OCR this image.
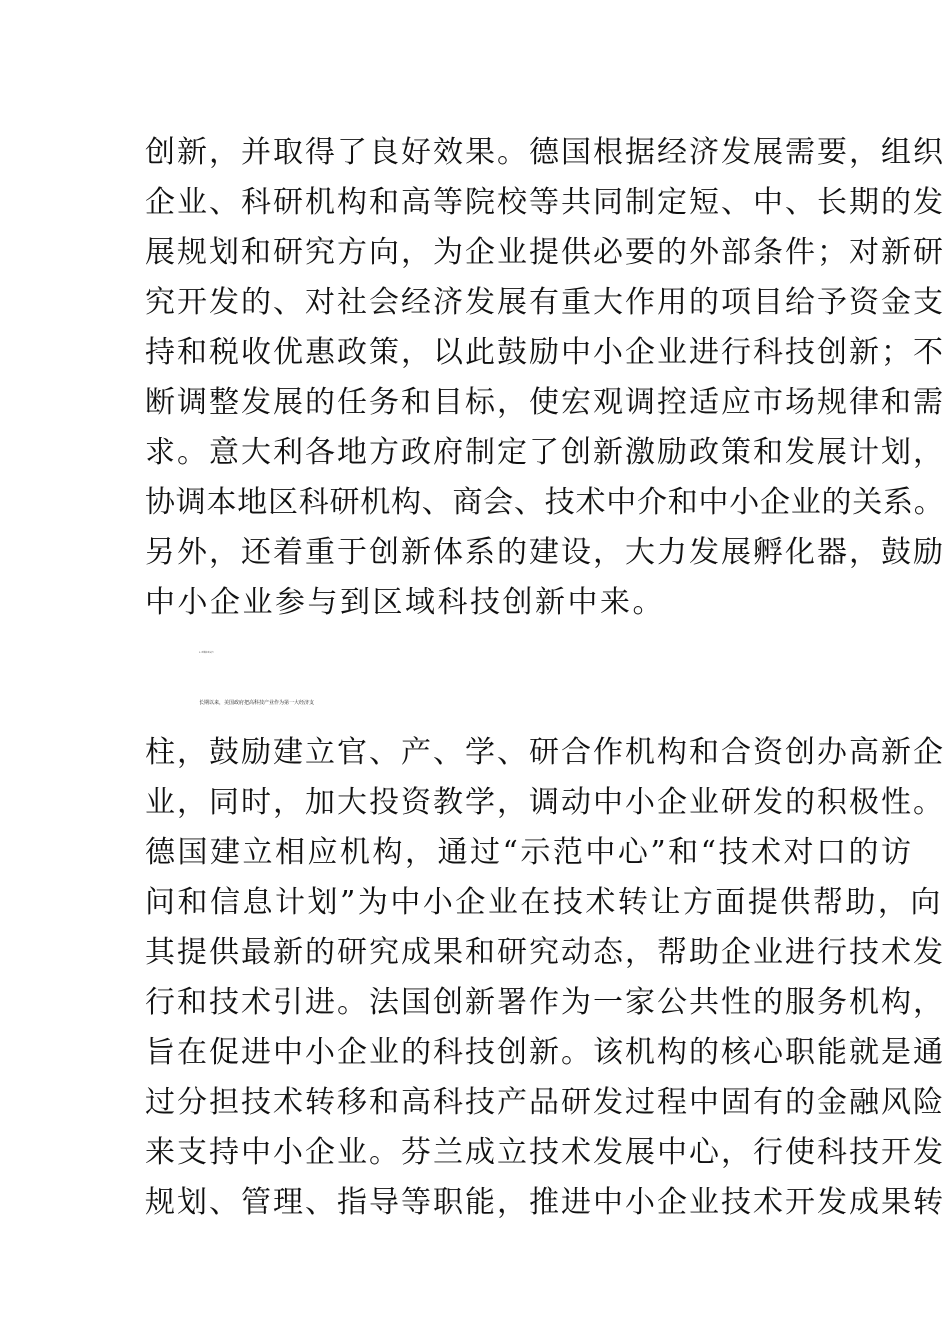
创新，并取得了良好效果。德国根据经济发展需要，组织
企业、科研机构和高等院校等共同制定短、中、长期的发
展规划和研究方向，为企业提供必要的外部条件；对新研
究开发的、对社会经济发展有重大作用的项目给予资金支
持和税收优惠政策，以此鼓励中小企业进行科技创新；不
断调整发展的任务和目标，使宏观调控适应市场规律和需
求。意大利各地方政府制定了创新激励政策和发展计划，
协调本地区科研机构、商会、技术中介和中小企业的关系。
另外，还着重于创新体系的建设，大力发展孵化器，鼓励
中小企业参与到区域科技创新中来。
2. 创新体制支持
长期以来，美国政府把高科技产业作为第一大经济支
柱，鼓励建立官、产、学、研合作机构和合资创办高新企
业，同时，加大投资教学，调动中小企业研发的积极性。
德国建立相应机构，通过“示范中心”和“技术对口的访
问和信息计划”为中小企业在技术转让方面提供帮助，向
其提供最新的研究成果和研究动态，帮助企业进行技术发
行和技术引进。法国创新署作为一家公共性的服务机构，
旨在促进中小企业的科技创新。该机构的核心职能就是通
过分担技术转移和高科技产品研发过程中固有的金融风险
来支持中小企业。芬兰成立技术发展中心，行使科技开发
规划、管理、指导等职能，推进中小企业技术开发成果转
